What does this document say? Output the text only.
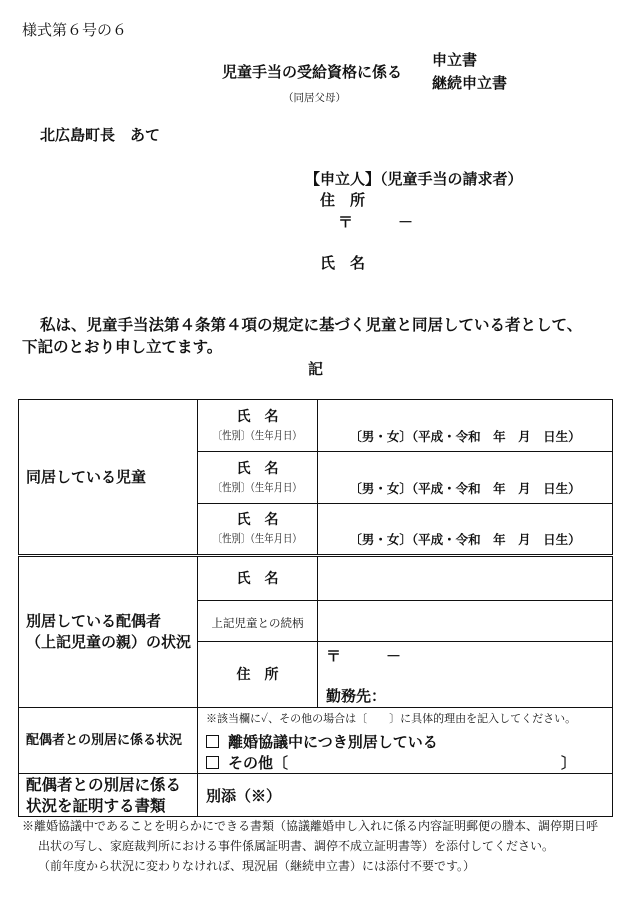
様式第６号の６
児童手当の受給資格に係る
申立書
継続申立書
（同居父母）
北広島町長　あて
【申立人】（児童手当の請求者）
住　所
〒　　　－
氏　名
私は、児童手当法第４条第４項の規定に基づく児童と同居している者として、
下記のとおり申し立てます。
記
同居している児童	氏　名
〔性別〕（生年月日）	〔男・女〕（平成・令和　年　月　日生）

	氏　名
〔性別〕（生年月日）	〔男・女〕（平成・令和　年　月　日生）

	氏　名
〔性別〕（生年月日）	〔男・女〕（平成・令和　年　月　日生）

別居している配偶者
（上記児童の親）の状況	氏　名	

	上記児童との続柄	

	住　所	〒　　　－
勤務先：

配偶者との別居に係る状況	※該当欄に✓、その他の場合は〔　　〕に具体的理由を記入してください。
離婚協議中につき別居している
その他〔 〕	

配偶者との別居に係る
状況を証明する書類	別添（※）	
※離婚協議中であることを明らかにできる書類（協議離婚申し入れに係る内容証明郵便の謄本、調停期日呼
出状の写し、家庭裁判所における事件係属証明書、調停不成立証明書等）を添付してください。
（前年度から状況に変わりなければ、現況届（継続申立書）には添付不要です。）
